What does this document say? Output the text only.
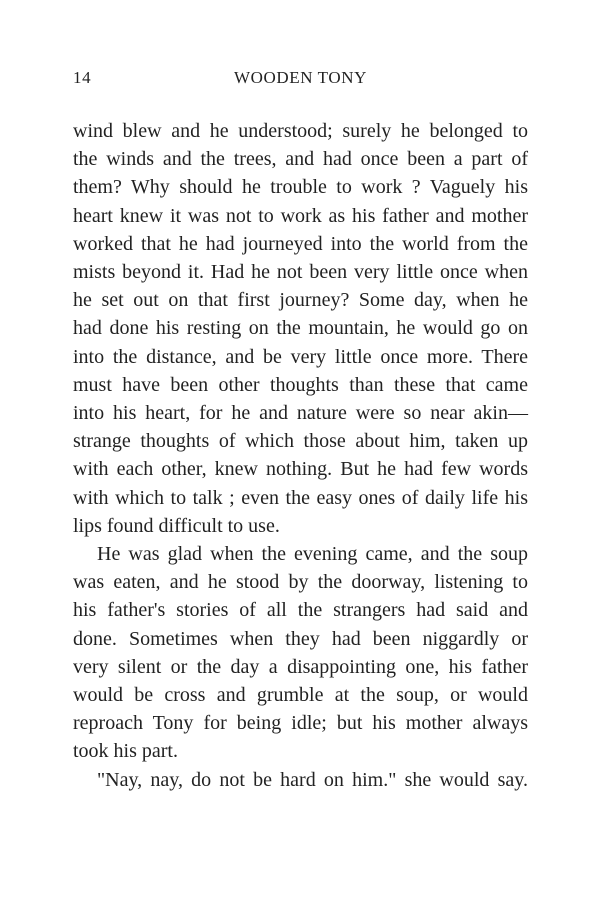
14	WOODEN TONY

wind blew and he understood; surely he belonged to
the winds and the trees, and had once been a part of
them? Why should he trouble to work ? Vaguely his
heart knew it was not to work as his father and mother
worked that he had journeyed into the world from the
mists beyond it. Had he not been very little once when
he set out on that first journey? Some day, when he
had done his resting on the mountain, he would go on
into the distance, and be very little once more. There
must have been other thoughts than these that came
into his heart, for he and nature were so near akin—
strange thoughts of which those about him, taken up
with each other, knew nothing. But he had few words
with which to talk ; even the easy ones of daily life his
lips found difficult to use.

He was glad when the evening came, and the soup
was eaten, and he stood by the doorway, listening to
his father's stories of all the strangers had said and
done. Sometimes when they had been niggardly or
very silent or the day a disappointing one, his father
would be cross and grumble at the soup, or would
reproach Tony for being idle; but his mother always
took his part.

"Nay, nay, do not be hard on him." she would say.
